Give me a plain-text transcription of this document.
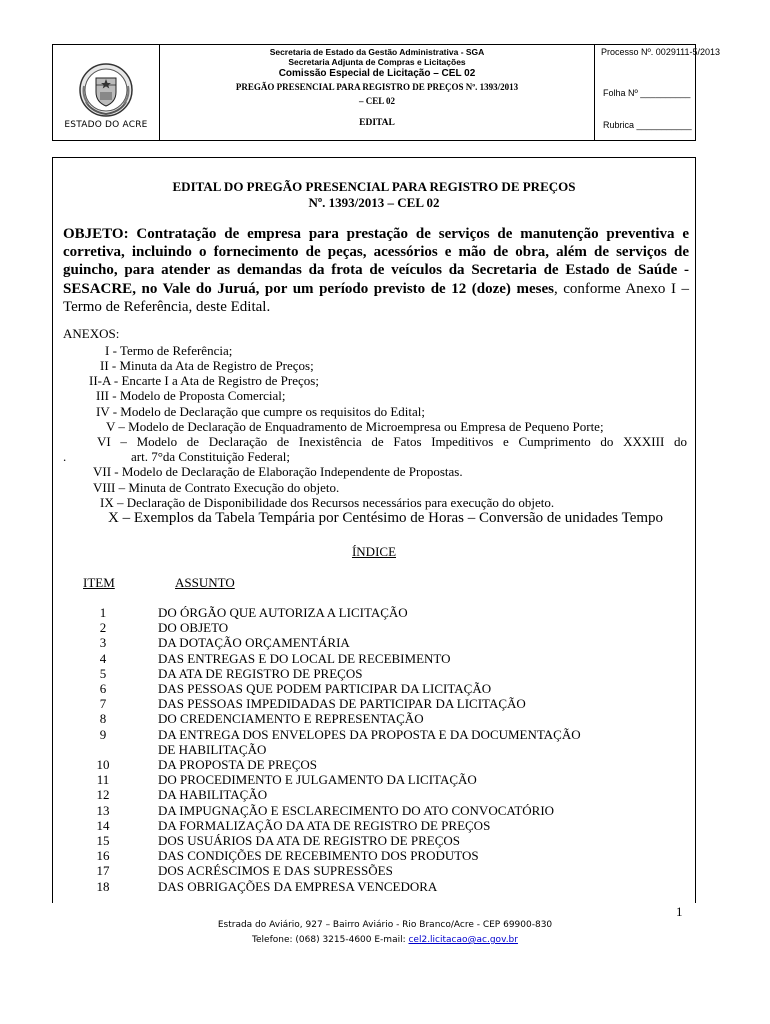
ESTADO DO ACRE
Secretaria de Estado da Gestão Administrativa - SGA
Secretaria Adjunta de Compras e Licitações
Comissão Especial de Licitação – CEL 02
PREGÃO PRESENCIAL PARA REGISTRO DE PREÇOS Nº. 1393/2013
– CEL 02
EDITAL
Processo Nº. 0029111-5/2013
Folha Nº __________
Rubrica ___________
EDITAL DO PREGÃO PRESENCIAL PARA REGISTRO DE PREÇOS
Nº. 1393/2013 – CEL 02
OBJETO: Contratação de empresa para prestação de serviços de manutenção preventiva e corretiva, incluindo o fornecimento de peças, acessórios e mão de obra, além de serviços de guincho, para atender as demandas da frota de veículos da Secretaria de Estado de Saúde - SESACRE, no Vale do Juruá, por um período previsto de 12 (doze) meses, conforme Anexo I – Termo de Referência, deste Edital.
ANEXOS:
I - Termo de Referência;
II - Minuta da Ata de Registro de Preços;
II-A - Encarte I a Ata de Registro de Preços;
III - Modelo de Proposta Comercial;
IV - Modelo de Declaração que cumpre os requisitos do Edital;
V – Modelo de Declaração de Enquadramento de Microempresa ou Empresa de Pequeno Porte;
VI – Modelo de Declaração de Inexistência de Fatos Impeditivos e Cumprimento do XXXIII do
.	art. 7°da Constituição Federal;
VII - Modelo de Declaração de Elaboração Independente de Propostas.
VIII – Minuta de Contrato Execução do objeto.
IX – Declaração de Disponibilidade dos Recursos necessários para execução do objeto.
X – Exemplos da Tabela Tempária por Centésimo de Horas – Conversão de unidades Tempo
ÍNDICE
ITEM	ASSUNTO
1	DO ÓRGÃO QUE AUTORIZA A LICITAÇÃO
2	DO OBJETO
3	DA DOTAÇÃO ORÇAMENTÁRIA
4	DAS ENTREGAS E DO LOCAL DE RECEBIMENTO
5	DA ATA DE REGISTRO DE PREÇOS
6	DAS PESSOAS QUE PODEM PARTICIPAR DA LICITAÇÃO
7	DAS PESSOAS IMPEDIDADAS DE PARTICIPAR DA LICITAÇÃO
8	DO CREDENCIAMENTO E REPRESENTAÇÃO
9	DA ENTREGA DOS ENVELOPES DA PROPOSTA E DA DOCUMENTAÇÃO
DE HABILITAÇÃO
10	DA PROPOSTA DE PREÇOS
11	DO PROCEDIMENTO E JULGAMENTO DA LICITAÇÃO
12	DA HABILITAÇÃO
13	DA IMPUGNAÇÃO E ESCLARECIMENTO DO ATO CONVOCATÓRIO
14	DA FORMALIZAÇÃO DA ATA DE REGISTRO DE PREÇOS
15	DOS USUÁRIOS DA ATA DE REGISTRO DE PREÇOS
16	DAS CONDIÇÕES DE RECEBIMENTO DOS PRODUTOS
17	DOS ACRÉSCIMOS E DAS SUPRESSÕES
18	DAS OBRIGAÇÕES DA EMPRESA VENCEDORA
1
Estrada do Aviário, 927 – Bairro Aviário - Rio Branco/Acre - CEP 69900-830
Telefone: (068) 3215-4600 E-mail: cel2.licitacao@ac.gov.br
